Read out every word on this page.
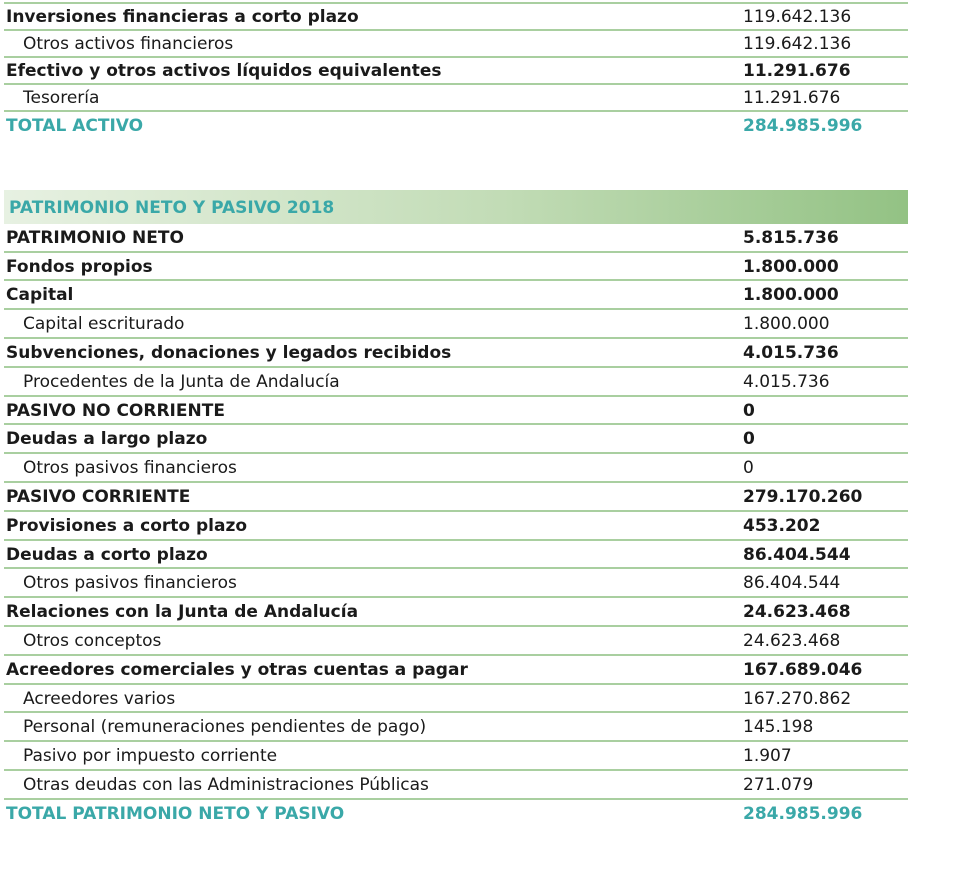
Inversiones financieras a corto plazo	119.642.136
Otros activos financieros	119.642.136
Efectivo y otros activos líquidos equivalentes	11.291.676
Tesorería	11.291.676
TOTAL ACTIVO	284.985.996
PATRIMONIO NETO Y PASIVO 2018
PATRIMONIO NETO	5.815.736
Fondos propios	1.800.000
Capital	1.800.000
Capital escriturado	1.800.000
Subvenciones, donaciones y legados recibidos	4.015.736
Procedentes de la Junta de Andalucía	4.015.736
PASIVO NO CORRIENTE	0
Deudas a largo plazo	0
Otros pasivos financieros	0
PASIVO CORRIENTE	279.170.260
Provisiones a corto plazo	453.202
Deudas a corto plazo	86.404.544
Otros pasivos financieros	86.404.544
Relaciones con la Junta de Andalucía	24.623.468
Otros conceptos	24.623.468
Acreedores comerciales y otras cuentas a pagar	167.689.046
Acreedores varios	167.270.862
Personal (remuneraciones pendientes de pago)	145.198
Pasivo por impuesto corriente	1.907
Otras deudas con las Administraciones Públicas	271.079
TOTAL PATRIMONIO NETO Y PASIVO	284.985.996
